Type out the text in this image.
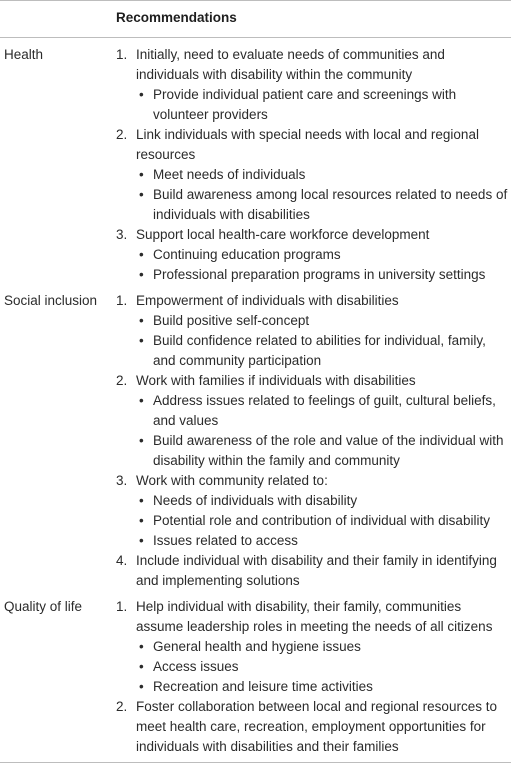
Recommendations
Health	1. Initially, need to evaluate needs of communities and individuals with disability within the community
• Provide individual patient care and screenings with volunteer providers
2. Link individuals with special needs with local and regional resources
• Meet needs of individuals
• Build awareness among local resources related to needs of individuals with disabilities
3. Support local health-care workforce development
• Continuing education programs
• Professional preparation programs in university settings
Social inclusion 1. Empowerment of individuals with disabilities
• Build positive self-concept
• Build confidence related to abilities for individual, family, and community participation
2. Work with families if individuals with disabilities
• Address issues related to feelings of guilt, cultural beliefs, and values
• Build awareness of the role and value of the individual with disability within the family and community
3. Work with community related to:
• Needs of individuals with disability
• Potential role and contribution of individual with disability
• Issues related to access
4. Include individual with disability and their family in identifying and implementing solutions
Quality of life	1. Help individual with disability, their family, communities assume leadership roles in meeting the needs of all citizens
• General health and hygiene issues
• Access issues
• Recreation and leisure time activities
2. Foster collaboration between local and regional resources to meet health care, recreation, employment opportunities for individuals with disabilities and their families
